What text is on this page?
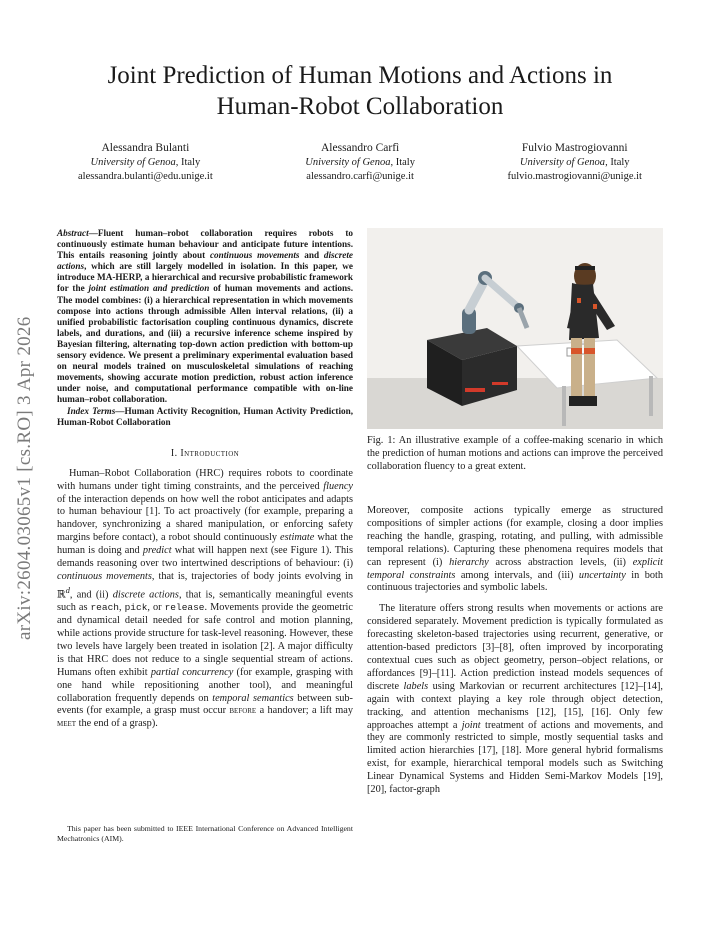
arXiv:2604.03065v1 [cs.RO] 3 Apr 2026
Joint Prediction of Human Motions and Actions in
Human-Robot Collaboration
Alessandra Bulanti
University of Genoa, Italy
alessandra.bulanti@edu.unige.it
Alessandro Carfì
University of Genoa, Italy
alessandro.carfi@unige.it
Fulvio Mastrogiovanni
University of Genoa, Italy
fulvio.mastrogiovanni@unige.it
Abstract—Fluent human–robot collaboration requires robots to continuously estimate human behaviour and anticipate future intentions. This entails reasoning jointly about continuous movements and discrete actions, which are still largely modelled in isolation. In this paper, we introduce MA-HERP, a hierarchical and recursive probabilistic framework for the joint estimation and prediction of human movements and actions. The model combines: (i) a hierarchical representation in which movements compose into actions through admissible Allen interval relations, (ii) a unified probabilistic factorisation coupling continuous dynamics, discrete labels, and durations, and (iii) a recursive inference scheme inspired by Bayesian filtering, alternating top-down action prediction with bottom-up sensory evidence. We present a preliminary experimental evaluation based on neural models trained on musculoskeletal simulations of reaching movements, showing accurate motion prediction, robust action inference under noise, and computational performance compatible with on-line human–robot collaboration.
Index Terms—Human Activity Recognition, Human Activity Prediction, Human-Robot Collaboration
I. Introduction

Human–Robot Collaboration (HRC) requires robots to coordinate with humans under tight timing constraints, and the perceived fluency of the interaction depends on how well the robot anticipates and adapts to human behaviour [1]. To act proactively (for example, preparing a handover, synchronizing a shared manipulation, or enforcing safety margins before contact), a robot should continuously estimate what the human is doing and predict what will happen next (see Figure 1). This demands reasoning over two intertwined descriptions of behaviour: (i) continuous movements, that is, trajectories of body joints evolving in ℝ$^d$, and (ii) discrete actions, that is, semantically meaningful events such as reach, pick, or release. Movements provide the geometric and dynamical detail needed for safe control and motion planning, while actions provide structure for task-level reasoning. However, these two levels have largely been treated in isolation [2]. A major difficulty is that HRC does not reduce to a single sequential stream of actions. Humans often exhibit partial concurrency (for example, grasping with one hand while repositioning another tool), and meaningful collaboration frequently depends on temporal semantics between sub-events (for example, a grasp must occur before a handover; a lift may meet the end of a grasp).

This paper has been submitted to IEEE International Conference on Advanced Intelligent Mechatronics (AIM).
Fig. 1: An illustrative example of a coffee-making scenario in which the prediction of human motions and actions can improve the perceived collaboration fluency to a great extent.

Moreover, composite actions typically emerge as structured compositions of simpler actions (for example, closing a door implies reaching the handle, grasping, rotating, and pulling, with admissible temporal relations). Capturing these phenomena requires models that can represent (i) hierarchy across abstraction levels, (ii) explicit temporal constraints among intervals, and (iii) uncertainty in both continuous trajectories and symbolic labels.

The literature offers strong results when movements or actions are considered separately. Movement prediction is typically formulated as forecasting skeleton-based trajectories using recurrent, generative, or attention-based predictors [3]–[8], often improved by incorporating contextual cues such as object geometry, person–object relations, or affordances [9]–[11]. Action prediction instead models sequences of discrete labels using Markovian or recurrent architectures [12]–[14], again with context playing a key role through object detection, tracking, and attention mechanisms [12], [15], [16]. Only few approaches attempt a joint treatment of actions and movements, and they are commonly restricted to simple, mostly sequential tasks and limited action hierarchies [17], [18]. More general hybrid formalisms exist, for example, hierarchical temporal models such as Switching Linear Dynamical Systems and Hidden Semi-Markov Models [19], [20], factor-graph
